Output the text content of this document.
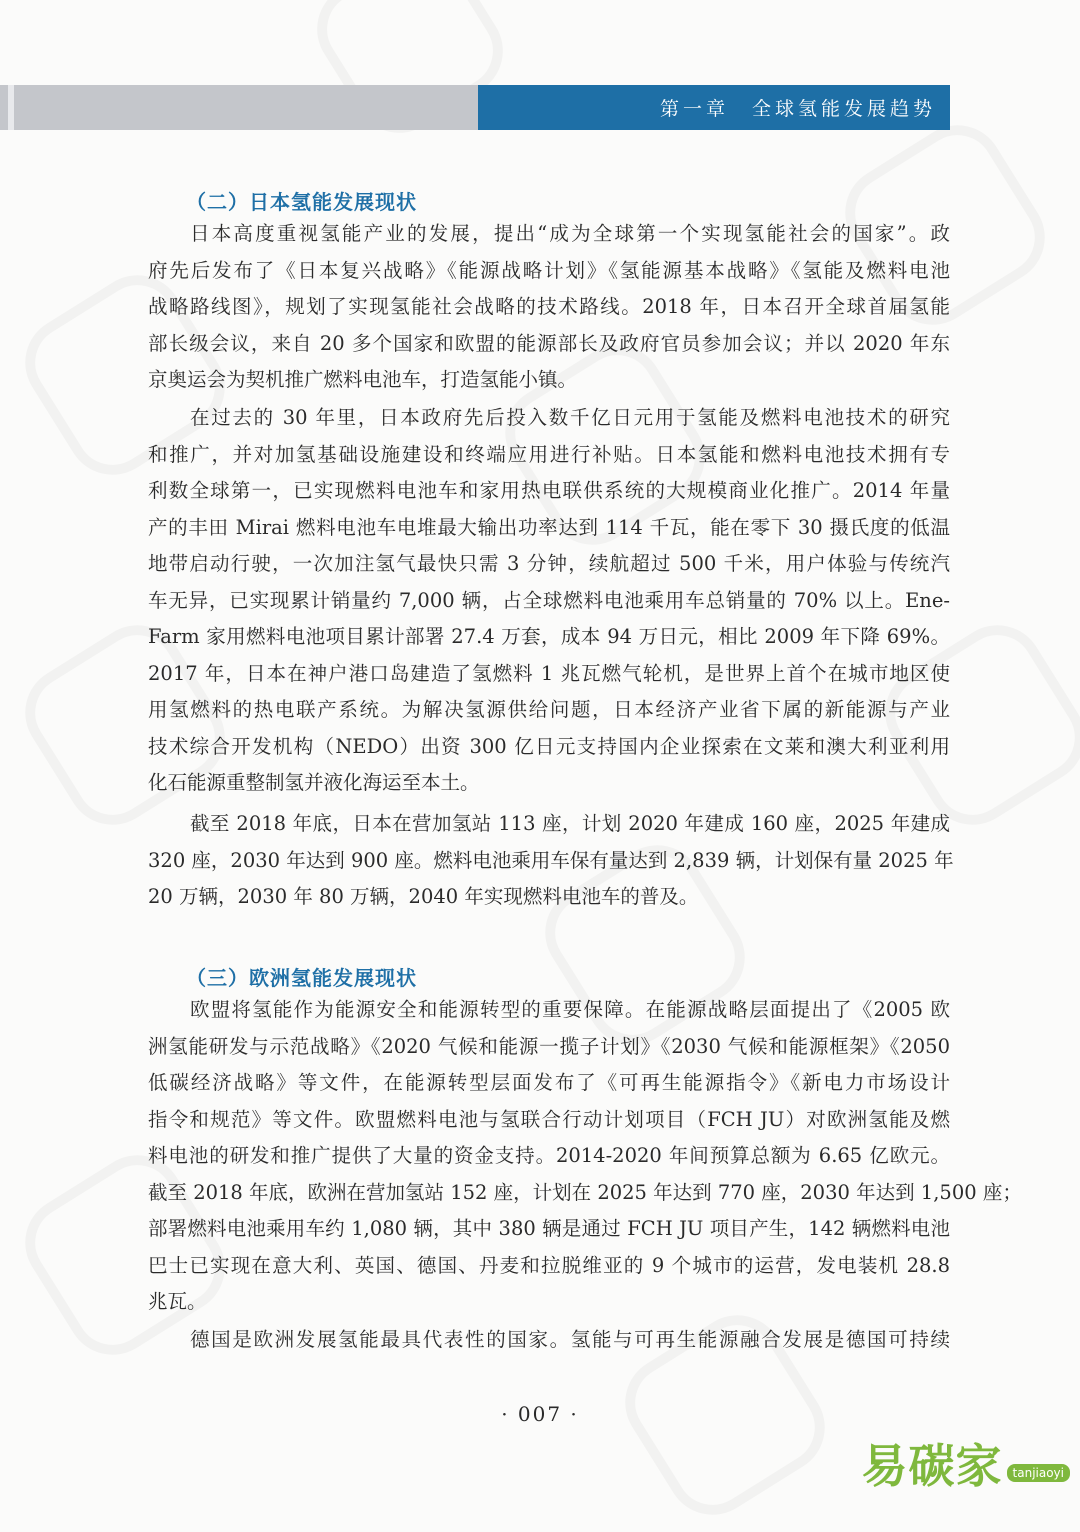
第一章　全球氢能发展趋势
（二）日本氢能发展现状
日本高度重视氢能产业的发展，提出“成为全球第一个实现氢能社会的国家”。政
府先后发布了《日本复兴战略》《能源战略计划》《氢能源基本战略》《氢能及燃料电池
战略路线图》，规划了实现氢能社会战略的技术路线。2018 年，日本召开全球首届氢能
部长级会议，来自 20 多个国家和欧盟的能源部长及政府官员参加会议；并以 2020 年东
京奥运会为契机推广燃料电池车，打造氢能小镇。
在过去的 30 年里，日本政府先后投入数千亿日元用于氢能及燃料电池技术的研究
和推广，并对加氢基础设施建设和终端应用进行补贴。日本氢能和燃料电池技术拥有专
利数全球第一，已实现燃料电池车和家用热电联供系统的大规模商业化推广。2014 年量
产的丰田 Mirai 燃料电池车电堆最大输出功率达到 114 千瓦，能在零下 30 摄氏度的低温
地带启动行驶，一次加注氢气最快只需 3 分钟，续航超过 500 千米，用户体验与传统汽
车无异，已实现累计销量约 7,000 辆，占全球燃料电池乘用车总销量的 70% 以上。Ene-
Farm 家用燃料电池项目累计部署 27.4 万套，成本 94 万日元，相比 2009 年下降 69%。
2017 年，日本在神户港口岛建造了氢燃料 1 兆瓦燃气轮机，是世界上首个在城市地区使
用氢燃料的热电联产系统。为解决氢源供给问题，日本经济产业省下属的新能源与产业
技术综合开发机构（NEDO）出资 300 亿日元支持国内企业探索在文莱和澳大利亚利用
化石能源重整制氢并液化海运至本土。
截至 2018 年底，日本在营加氢站 113 座，计划 2020 年建成 160 座，2025 年建成
320 座，2030 年达到 900 座。燃料电池乘用车保有量达到 2,839 辆，计划保有量 2025 年
20 万辆，2030 年 80 万辆，2040 年实现燃料电池车的普及。
（三）欧洲氢能发展现状
欧盟将氢能作为能源安全和能源转型的重要保障。在能源战略层面提出了《2005 欧
洲氢能研发与示范战略》《2020 气候和能源一揽子计划》《2030 气候和能源框架》《2050
低碳经济战略》等文件，在能源转型层面发布了《可再生能源指令》《新电力市场设计
指令和规范》等文件。欧盟燃料电池与氢联合行动计划项目（FCH JU）对欧洲氢能及燃
料电池的研发和推广提供了大量的资金支持。2014-2020 年间预算总额为 6.65 亿欧元。
截至 2018 年底，欧洲在营加氢站 152 座，计划在 2025 年达到 770 座，2030 年达到 1,500 座；
部署燃料电池乘用车约 1,080 辆，其中 380 辆是通过 FCH JU 项目产生，142 辆燃料电池
巴士已实现在意大利、英国、德国、丹麦和拉脱维亚的 9 个城市的运营，发电装机 28.8
兆瓦。
德国是欧洲发展氢能最具代表性的国家。氢能与可再生能源融合发展是德国可持续
· 007 ·
易碳家 tanjiaoyi
